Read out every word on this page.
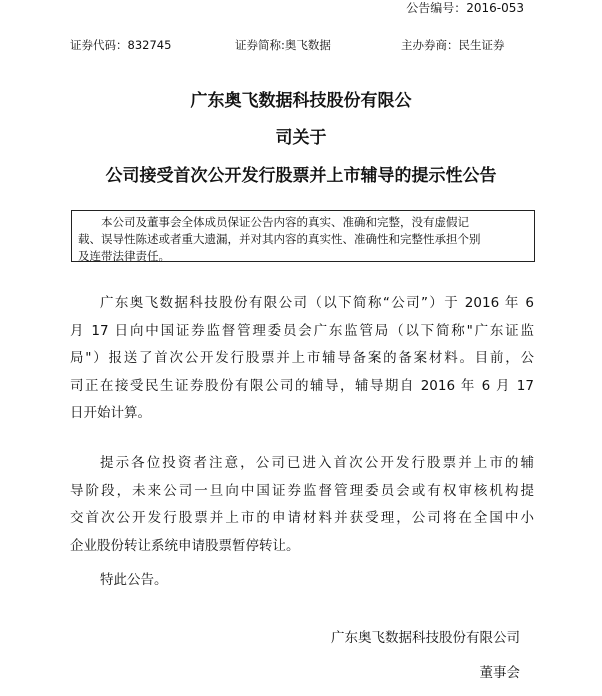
公告编号：2016-053
证券代码：832745	证券简称:奥飞数据	主办券商：民生证券
广东奥飞数据科技股份有限公
司关于
公司接受首次公开发行股票并上市辅导的提示性公告
本公司及董事会全体成员保证公告内容的真实、准确和完整，没有虚假记
载、误导性陈述或者重大遗漏，并对其内容的真实性、准确性和完整性承担个别
及连带法律责任。
广东奥飞数据科技股份有限公司（以下简称“公司”）于 2016 年 6
月 17 日向中国证券监督管理委员会广东监管局（以下简称"广东证监
局"）报送了首次公开发行股票并上市辅导备案的备案材料。目前，公
司正在接受民生证券股份有限公司的辅导，辅导期自 2016 年 6 月 17
日开始计算。
提示各位投资者注意，公司已进入首次公开发行股票并上市的辅
导阶段，未来公司一旦向中国证券监督管理委员会或有权审核机构提
交首次公开发行股票并上市的申请材料并获受理，公司将在全国中小
企业股份转让系统申请股票暂停转让。
特此公告。
广东奥飞数据科技股份有限公司
董事会
